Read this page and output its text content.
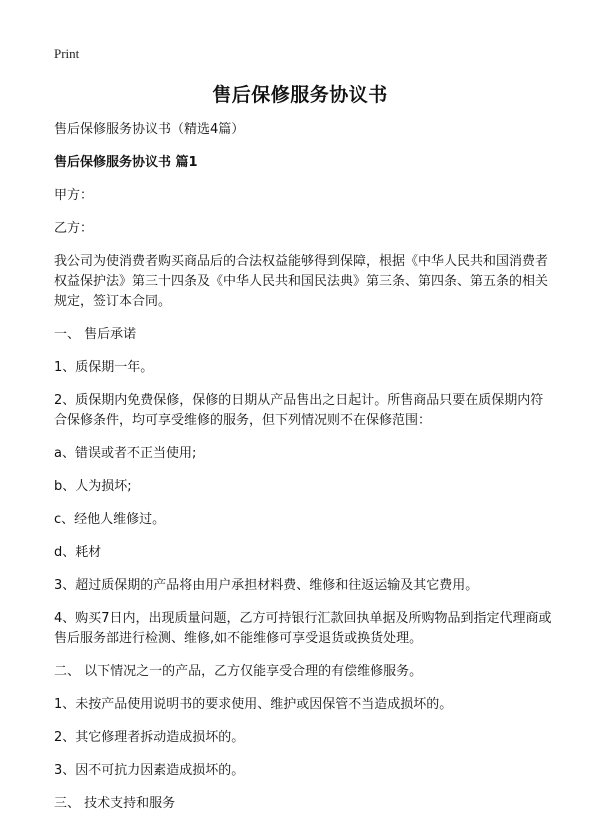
Print
售后保修服务协议书

售后保修服务协议书（精选4篇）

售后保修服务协议书 篇1

甲方：

乙方：

我公司为使消费者购买商品后的合法权益能够得到保障，根据《中华人民共和国消费者权益保护法》第三十四条及《中华人民共和国民法典》第三条、第四条、第五条的相关规定，签订本合同。

一、 售后承诺

1、质保期一年。

2、质保期内免费保修，保修的日期从产品售出之日起计。所售商品只要在质保期内符合保修条件，均可享受维修的服务，但下列情况则不在保修范围：

a、错误或者不正当使用;

b、人为损坏;

c、经他人维修过。

d、耗材

3、超过质保期的产品将由用户承担材料费、维修和往返运输及其它费用。

4、购买7日内，出现质量问题，乙方可持银行汇款回执单据及所购物品到指定代理商或售后服务部进行检测、维修,如不能维修可享受退货或换货处理。

二、 以下情况之一的产品，乙方仅能享受合理的有偿维修服务。

1、未按产品使用说明书的要求使用、维护或因保管不当造成损坏的。

2、其它修理者拆动造成损坏的。

3、因不可抗力因素造成损坏的。

三、 技术支持和服务
